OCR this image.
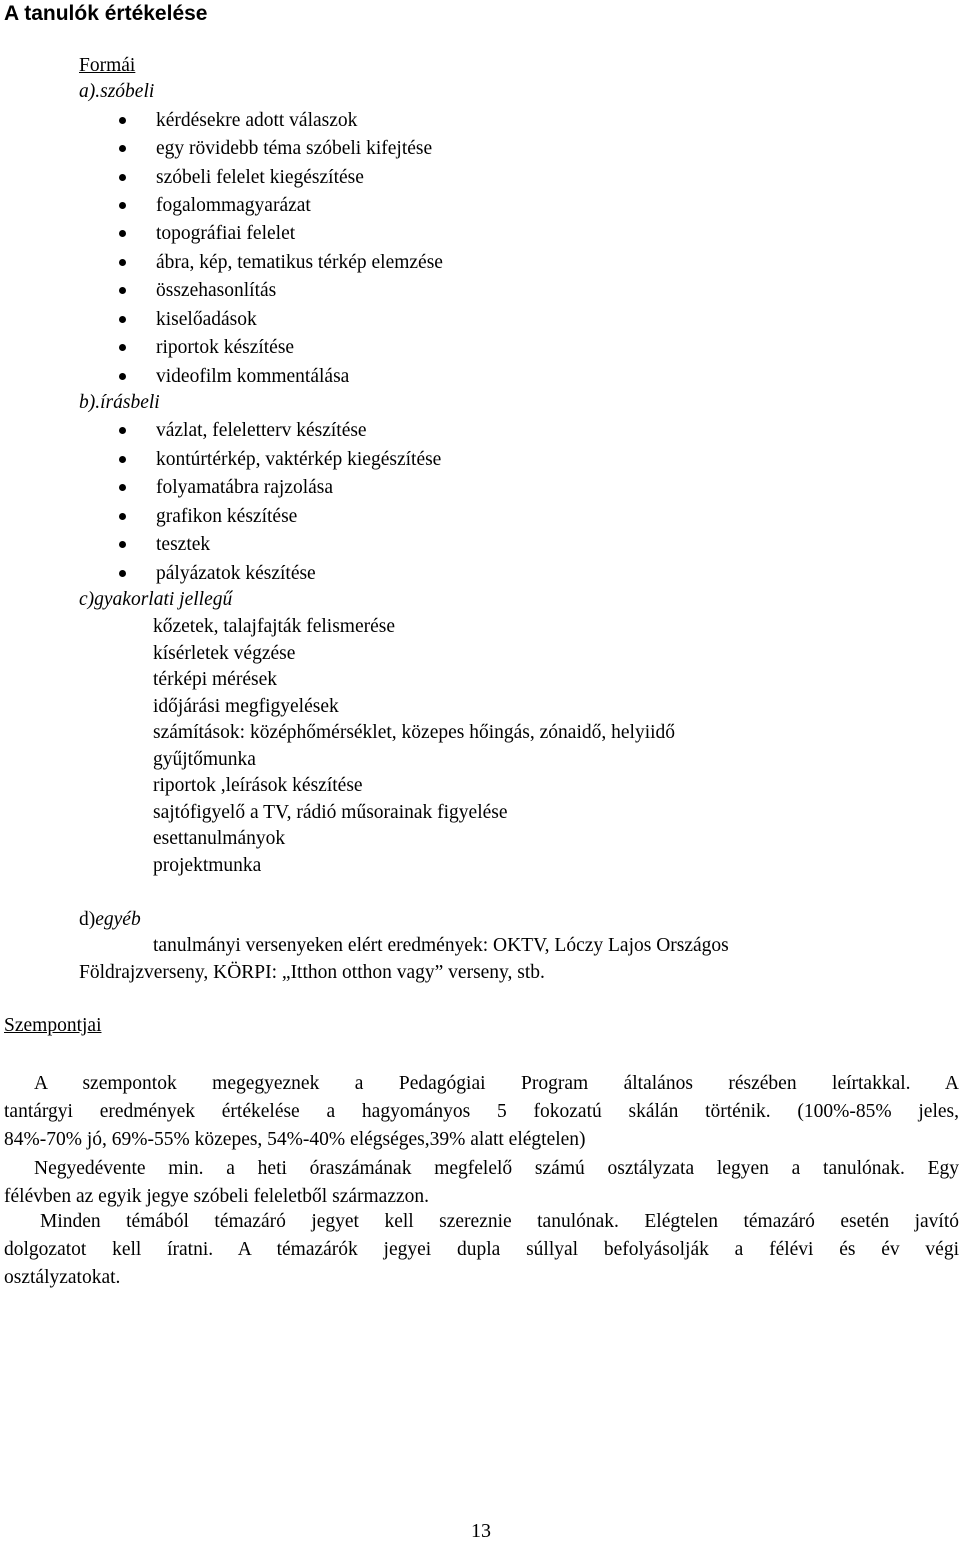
A tanulók értékelése
Formái
a).szóbeli
kérdésekre adott válaszok
egy rövidebb téma szóbeli kifejtése
szóbeli felelet kiegészítése
fogalommagyarázat
topográfiai felelet
ábra, kép, tematikus térkép elemzése
összehasonlítás
kiselőadások
riportok készítése
videofilm kommentálása
b).írásbeli
vázlat, feleletterv készítése
kontúrtérkép, vaktérkép kiegészítése
folyamatábra rajzolása
grafikon készítése
tesztek
pályázatok készítése
c)gyakorlati jellegű
kőzetek, talajfajták felismerése
kísérletek végzése
térképi mérések
időjárási megfigyelések
számítások: középhőmérséklet, közepes hőingás, zónaidő, helyiidő
gyűjtőmunka
riportok ,leírások készítése
sajtófigyelő a TV, rádió műsorainak figyelése
esettanulmányok
projektmunka
d)egyéb
tanulmányi versenyeken elért eredmények: OKTV, Lóczy Lajos Országos
Földrajzverseny, KÖRPI: „Itthon otthon vagy” verseny, stb.
Szempontjai
A szempontok megegyeznek a Pedagógiai Program általános részében leírtakkal. A
tantárgyi eredmények értékelése a hagyományos 5 fokozatú skálán történik. (100%-85% jeles,
84%-70% jó, 69%-55% közepes, 54%-40% elégséges,39% alatt elégtelen)
Negyedévente min. a heti óraszámának megfelelő számú osztályzata legyen a tanulónak. Egy
félévben az egyik jegye szóbeli feleletből származzon.
Minden témából témazáró jegyet kell szereznie tanulónak. Elégtelen témazáró esetén javító
dolgozatot kell íratni. A témazárók jegyei dupla súllyal befolyásolják a félévi és év végi
osztályzatokat.
13
